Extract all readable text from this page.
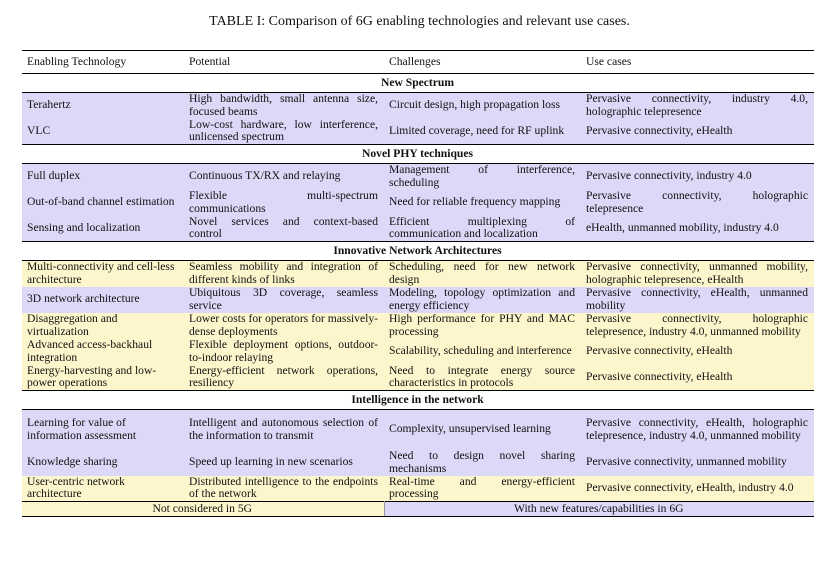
TABLE I: Comparison of 6G enabling technologies and relevant use cases.
Enabling Technology	Potential	Challenges	Use cases
New Spectrum			
Terahertz	High bandwidth, small antenna size, focused beams	Circuit design, high propagation loss	Pervasive connectivity, industry 4.0, holographic telepresence
VLC	Low-cost hardware, low interference, unlicensed spectrum	Limited coverage, need for RF uplink	Pervasive connectivity, eHealth
Novel PHY techniques			
Full duplex	Continuous TX/RX and relaying	Management of interference, scheduling	Pervasive connectivity, industry 4.0
Out-of-band channel estimation	Flexible multi-spectrum communications	Need for reliable frequency mapping	Pervasive connectivity, holographic telepresence
Sensing and localization	Novel services and context-based control	Efficient multiplexing of communication and localization	eHealth, unmanned mobility, industry 4.0
Innovative Network Architectures			
Multi-connectivity and cell-less architecture	Seamless mobility and integration of different kinds of links	Scheduling, need for new network design	Pervasive connectivity, unmanned mobility, holographic telepresence, eHealth
3D network architecture	Ubiquitous 3D coverage, seamless service	Modeling, topology optimization and energy efficiency	Pervasive connectivity, eHealth, unmanned mobility
Disaggregation and virtualization	Lower costs for operators for massively-dense deployments	High performance for PHY and MAC processing	Pervasive connectivity, holographic telepresence, industry 4.0, unmanned mobility
Advanced access-backhaul integration	Flexible deployment options, outdoor-to-indoor relaying	Scalability, scheduling and interference	Pervasive connectivity, eHealth
Energy-harvesting and low-power operations	Energy-efficient network operations, resiliency	Need to integrate energy source characteristics in protocols	Pervasive connectivity, eHealth
Intelligence in the network			
Learning for value of information assessment	Intelligent and autonomous selection of the information to transmit	Complexity, unsupervised learning	Pervasive connectivity, eHealth, holographic telepresence, industry 4.0, unmanned mobility
Knowledge sharing	Speed up learning in new scenarios	Need to design novel sharing mechanisms	Pervasive connectivity, unmanned mobility
User-centric network architecture	Distributed intelligence to the endpoints of the network	Real-time and energy-efficient processing	Pervasive connectivity, eHealth, industry 4.0
Not considered in 5G		With new features/capabilities in 6G	
